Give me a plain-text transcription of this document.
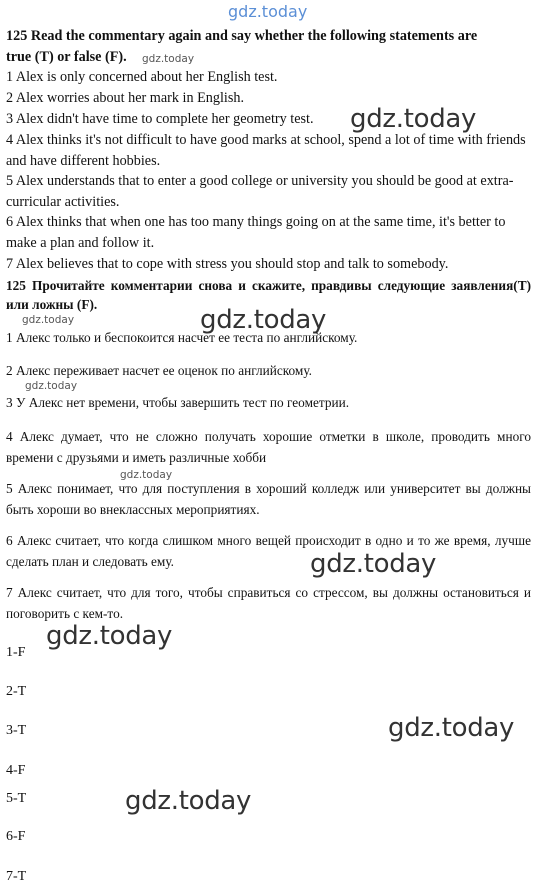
gdz.today
125 Read the commentary again and say whether the following statements are
true (T) or false (F). gdz.today
1 Alex is only concerned about her English test.
2 Alex worries about her mark in English.
3 Alex didn't have time to complete her geometry test. gdz.today
4 Alex thinks it's not difficult to have good marks at school, spend a lot of time with friends and have different hobbies.
5 Alex understands that to enter a good college or university you should be good at extra-curricular activities.
6 Alex thinks that when one has too many things going on at the same time, it's better to make a plan and follow it.
7 Alex believes that to cope with stress you should stop and talk to somebody.
125 Прочитайте комментарии снова и скажите, правдивы следующие заявления(T) или ложны (F).
gdz.today
gdz.today
1 Алекс только и беспокоится насчет ее теста по английскому.
2 Алекс переживает насчет ее оценок по английскому.
gdz.today
3 У Алекс нет времени, чтобы завершить тест по геометрии.
4 Алекс думает, что не сложно получать хорошие отметки в школе, проводить много времени с друзьями и иметь различные хобби
gdz.today
5 Алекс понимает, что для поступления в хороший колледж или университет вы должны быть хороши во внеклассных мероприятиях.
6 Алекс считает, что когда слишком много вещей происходит в одно и то же время, лучше сделать план и следовать ему.	gdz.today
7 Алекс считает, что для того, чтобы справиться со стрессом, вы должны остановиться и поговорить с кем-то.
gdz.today
1-F
2-T
3-T	gdz.today
4-F
5-T	gdz.today
6-F
7-T
